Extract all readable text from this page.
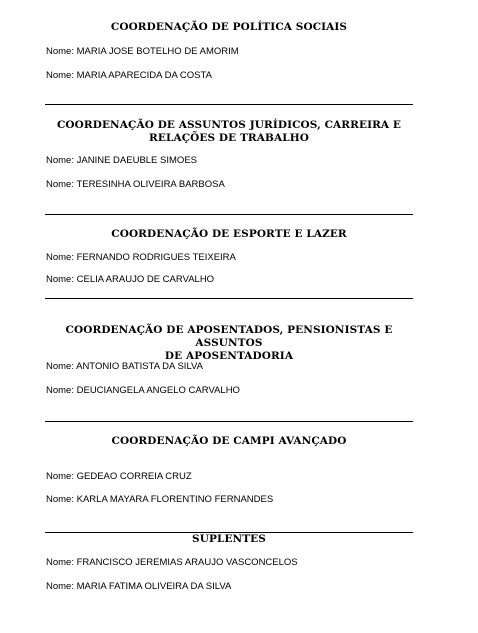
COORDENAÇÃO DE POLÍTICA SOCIAIS
Nome: MARIA JOSE BOTELHO DE AMORIM
Nome: MARIA APARECIDA DA COSTA
COORDENAÇÃO DE ASSUNTOS JURÍDICOS, CARREIRA E
RELAÇÕES DE TRABALHO
Nome: JANINE DAEUBLE SIMOES
Nome: TERESINHA OLIVEIRA BARBOSA
COORDENAÇÃO DE ESPORTE E LAZER
Nome: FERNANDO RODRIGUES TEIXEIRA
Nome: CELIA ARAUJO DE CARVALHO
COORDENAÇÃO DE APOSENTADOS, PENSIONISTAS E ASSUNTOS
DE APOSENTADORIA
Nome: ANTONIO BATISTA DA SILVA
Nome: DEUCIANGELA ANGELO CARVALHO
COORDENAÇÃO DE CAMPI AVANÇADO
Nome: GEDEAO CORREIA CRUZ
Nome: KARLA MAYARA FLORENTINO FERNANDES
SUPLENTES
Nome: FRANCISCO JEREMIAS ARAUJO VASCONCELOS
Nome: MARIA FATIMA OLIVEIRA DA SILVA
